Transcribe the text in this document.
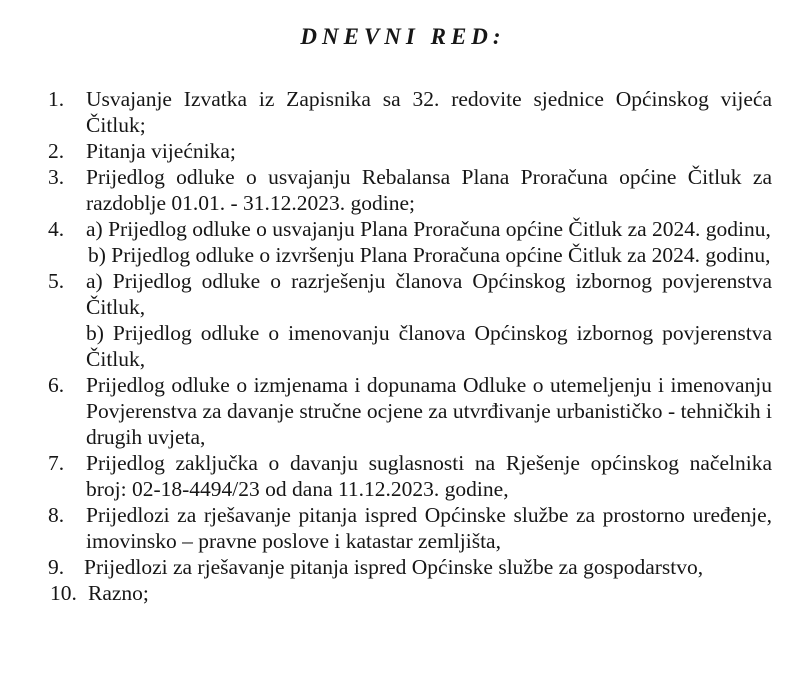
DNEVNI RED:
1. Usvajanje Izvatka iz Zapisnika sa 32. redovite sjednice Općinskog vijeća Čitluk;
2. Pitanja vijećnika;
3. Prijedlog odluke o usvajanju Rebalansa Plana Proračuna općine Čitluk za razdoblje 01.01. - 31.12.2023. godine;
4. a) Prijedlog odluke o usvajanju Plana Proračuna općine Čitluk za 2024. godinu,
b) Prijedlog odluke o izvršenju Plana Proračuna općine Čitluk za 2024. godinu,
5. a) Prijedlog odluke o razrješenju članova Općinskog izbornog povjerenstva Čitluk,
b) Prijedlog odluke o imenovanju članova Općinskog izbornog povjerenstva Čitluk,
6. Prijedlog odluke o izmjenama i dopunama Odluke o utemeljenju i imenovanju Povjerenstva za davanje stručne ocjene za utvrđivanje urbanističko - tehničkih i drugih uvjeta,
7. Prijedlog zaključka o davanju suglasnosti na Rješenje općinskog načelnika broj: 02-18-4494/23 od dana 11.12.2023. godine,
8. Prijedlozi za rješavanje pitanja ispred Općinske službe za prostorno uređenje, imovinsko – pravne poslove i katastar zemljišta,
9. Prijedlozi za rješavanje pitanja ispred Općinske službe za gospodarstvo,
10. Razno;
